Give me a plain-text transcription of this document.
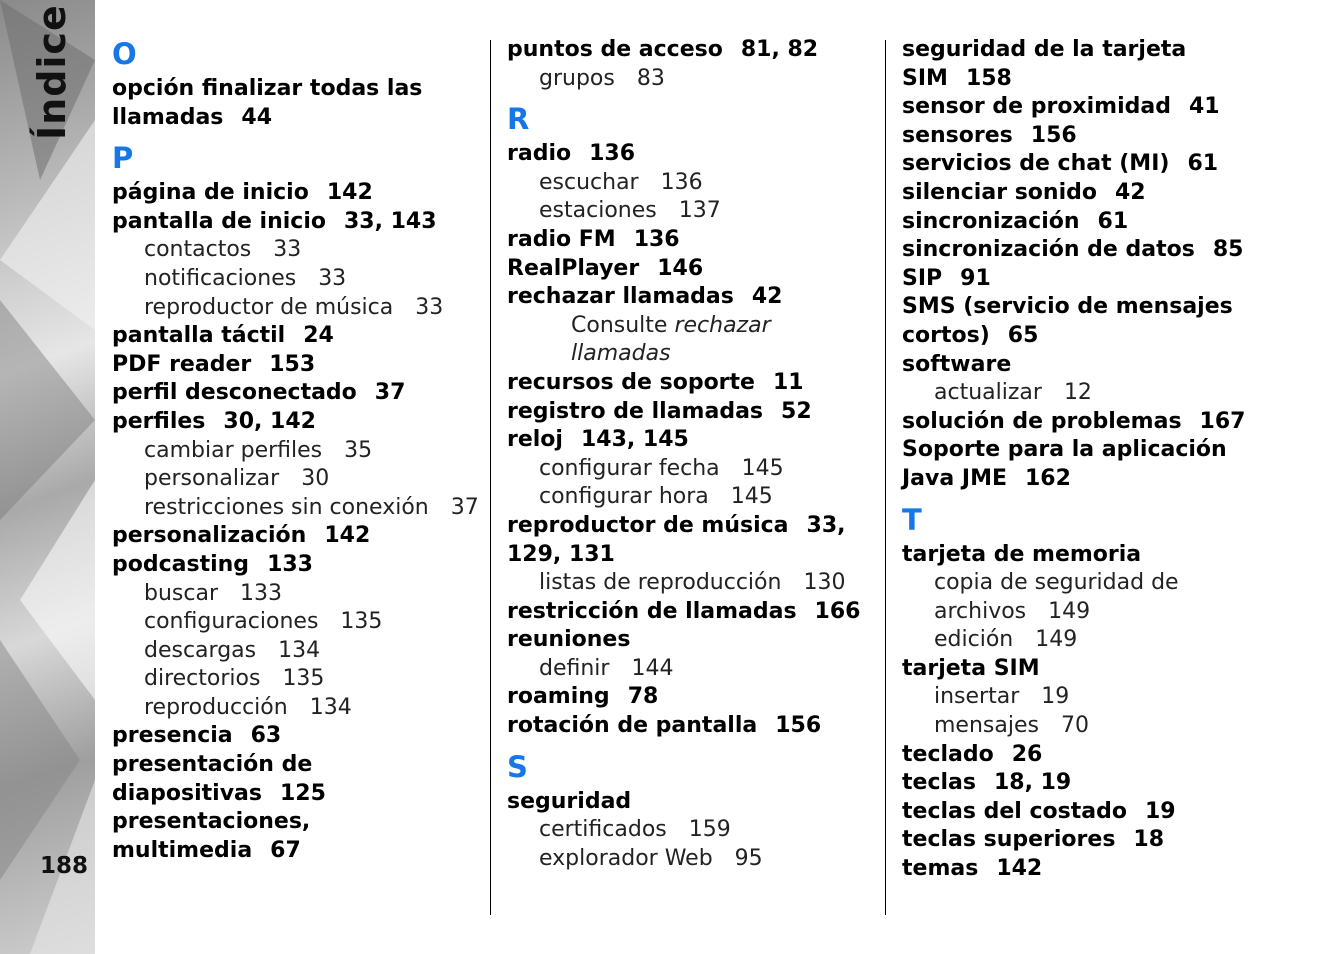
Índice
188
O
opción finalizar todas las llamadas 44
P
página de inicio 142
pantalla de inicio 33, 143
contactos 33
notificaciones 33
reproductor de música 33
pantalla táctil 24
PDF reader 153
perfil desconectado 37
perfiles 30, 142
cambiar perfiles 35
personalizar 30
restricciones sin conexión 37
personalización 142
podcasting 133
buscar 133
configuraciones 135
descargas 134
directorios 135
reproducción 134
presencia 63
presentación de diapositivas 125
presentaciones, multimedia 67
puntos de acceso 81, 82
grupos 83
R
radio 136
escuchar 136
estaciones 137
radio FM 136
RealPlayer 146
rechazar llamadas 42
Consulte rechazar llamadas
recursos de soporte 11
registro de llamadas 52
reloj 143, 145
configurar fecha 145
configurar hora 145
reproductor de música 33, 129, 131
listas de reproducción 130
restricción de llamadas 166
reuniones
definir 144
roaming 78
rotación de pantalla 156
S
seguridad
certificados 159
explorador Web 95
seguridad de la tarjeta SIM 158
sensor de proximidad 41
sensores 156
servicios de chat (MI) 61
silenciar sonido 42
sincronización 61
sincronización de datos 85
SIP 91
SMS (servicio de mensajes cortos) 65
software
actualizar 12
solución de problemas 167
Soporte para la aplicación Java JME 162
T
tarjeta de memoria
copia de seguridad de archivos 149
edición 149
tarjeta SIM
insertar 19
mensajes 70
teclado 26
teclas 18, 19
teclas del costado 19
teclas superiores 18
temas 142
